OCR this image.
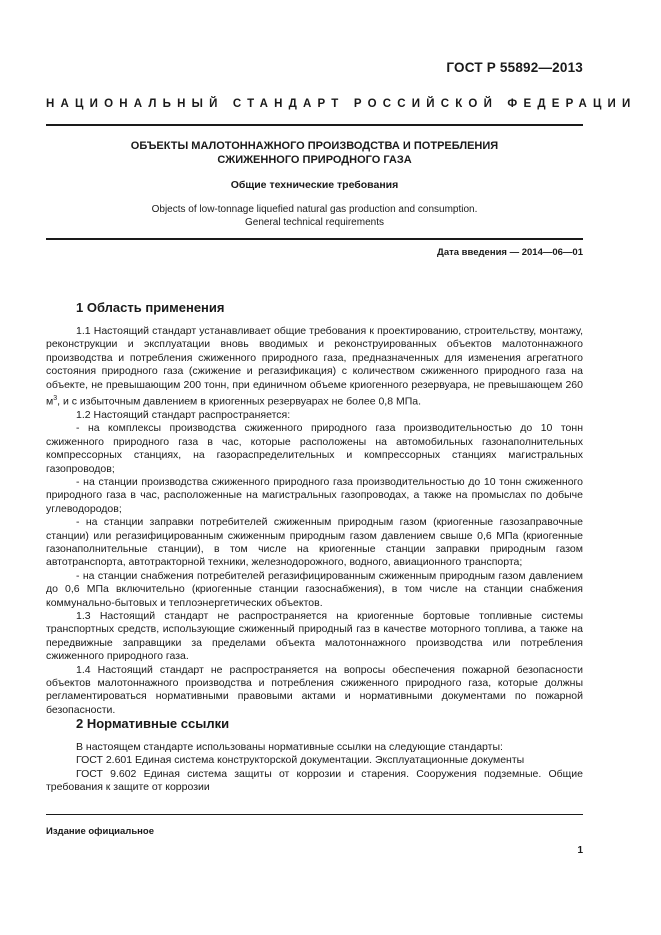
ГОСТ Р 55892—2013
НАЦИОНАЛЬНЫЙ СТАНДАРТ РОССИЙСКОЙ ФЕДЕРАЦИИ
ОБЪЕКТЫ МАЛОТОННАЖНОГО ПРОИЗВОДСТВА И ПОТРЕБЛЕНИЯ
СЖИЖЕННОГО ПРИРОДНОГО ГАЗА
Общие технические требования
Objects of low-tonnage liquefied natural gas production and consumption.
General technical requirements
Дата введения — 2014—06—01
1 Область применения

1.1 Настоящий стандарт устанавливает общие требования к проектированию, строительству, монтажу, реконструкции и эксплуатации вновь вводимых и реконструированных объектов малотоннажного производства и потребления сжиженного природного газа, предназначенных для изменения агрегатного состояния природного газа (сжижение и регазификация) с количеством сжиженного природного газа на объекте, не превышающим 200 тонн, при единичном объеме криогенного резервуара, не превышающем 260 $м^3$, и с избыточным давлением в криогенных резервуарах не более 0,8 МПа.

1.2 Настоящий стандарт распространяется:

- на комплексы производства сжиженного природного газа производительностью до 10 тонн сжиженного природного газа в час, которые расположены на автомобильных газонаполнительных компрессорных станциях, на газораспределительных и компрессорных станциях магистральных газопроводов;

- на станции производства сжиженного природного газа производительностью до 10 тонн сжиженного природного газа в час, расположенные на магистральных газопроводах, а также на промыслах по добыче углеводородов;

- на станции заправки потребителей сжиженным природным газом (криогенные газозаправочные станции) или регазифицированным сжиженным природным газом давлением свыше 0,6 МПа (криогенные газонаполнительные станции), в том числе на криогенные станции заправки природным газом автотранспорта, автотракторной техники, железнодорожного, водного, авиационного транспорта;

- на станции снабжения потребителей регазифицированным сжиженным природным газом давлением до 0,6 МПа включительно (криогенные станции газоснабжения), в том числе на станции снабжения коммунально-бытовых и теплоэнергетических объектов.

1.3 Настоящий стандарт не распространяется на криогенные бортовые топливные системы транспортных средств, использующие сжиженный природный газ в качестве моторного топлива, а также на передвижные заправщики за пределами объекта малотоннажного производства или потребления сжиженного природного газа.

1.4 Настоящий стандарт не распространяется на вопросы обеспечения пожарной безопасности объектов малотоннажного производства и потребления сжиженного природного газа, которые должны регламентироваться нормативными правовыми актами и нормативными документами по пожарной безопасности.

2 Нормативные ссылки

В настоящем стандарте использованы нормативные ссылки на следующие стандарты:

ГОСТ 2.601 Единая система конструкторской документации. Эксплуатационные документы

ГОСТ 9.602 Единая система защиты от коррозии и старения. Сооружения подземные. Общие требования к защите от коррозии

Издание официальное
1
